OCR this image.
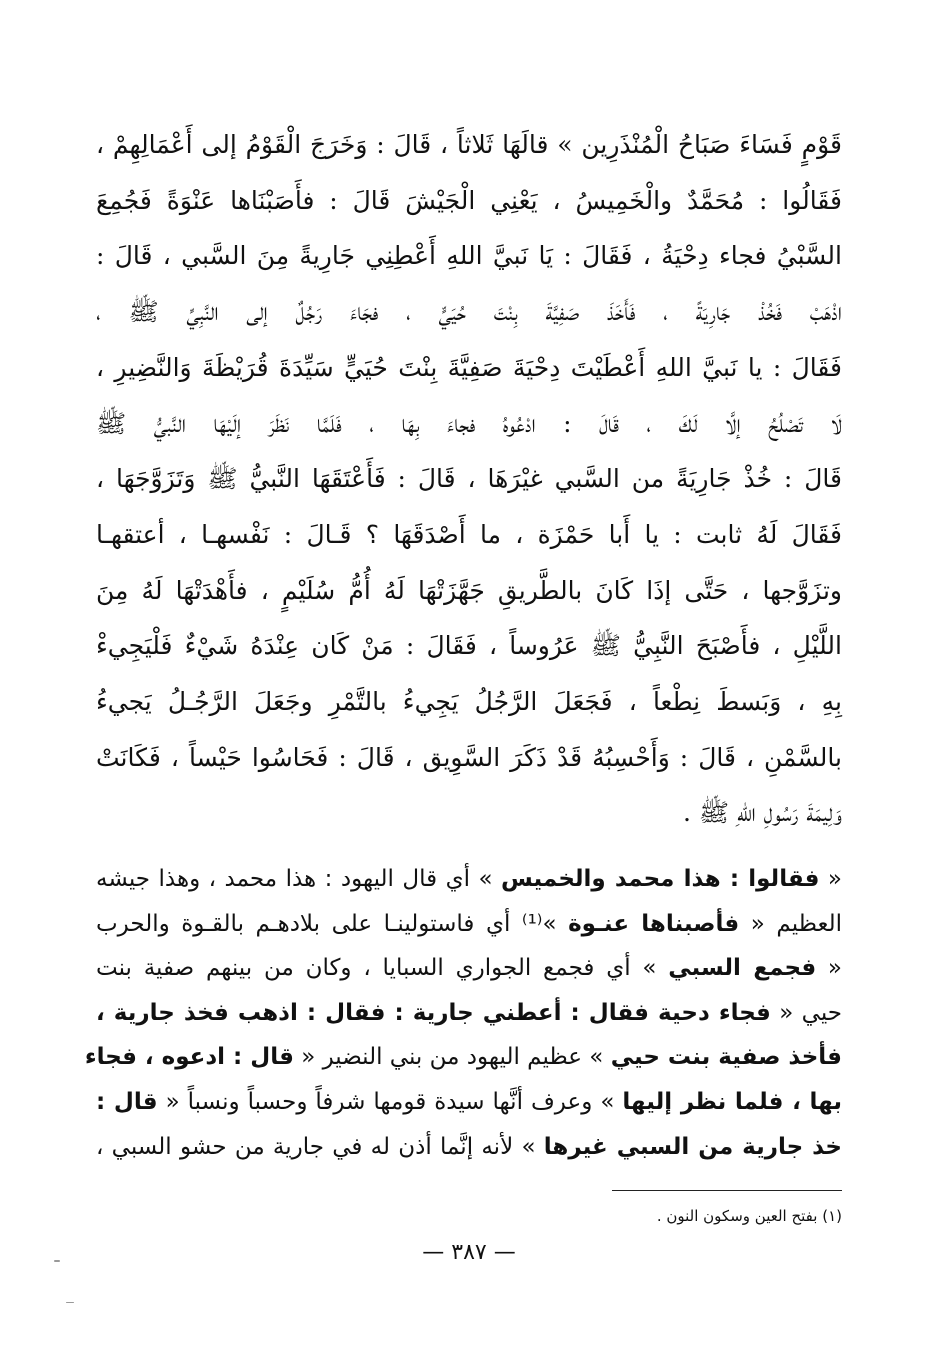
قَوْمٍ فَسَاءَ صَبَاحُ الْمُنْذَرِين » قالَهَا ثَلاثاً ، قَالَ : وَخَرَجَ الْقَوْمُ إلى أَعْمَالِهِمْ ،
فَقَالُوا : مُحَمَّدٌ والْخَمِيسُ ، يَعْنِي الْجَيْشَ قَالَ : فأَصَبْنَاها عَنْوَةً فَجُمِعَ
السَّبْيُ فجاء دِحْيَةُ ، فَقَالَ : يَا نَبيَّ اللهِ أَعْطِنِي جَارِيةً مِنَ السَّبي ، قَالَ :
اذْهَبْ فَخُذْ جَارِيَةً ، فَأَخَذَ صَفِيَّةَ بِنْتَ حُيَيٍّ ، فجَاءَ رَجُلٌ إلى النَّبِيِّ ﷺ ،
فَقَالَ : يا نَبيَّ اللهِ أَعْطَيْتَ دِحْيَةَ صَفِيَّةَ بِنْتَ حُيَيٍّ سَيِّدَةَ قُرَيْظَةَ وَالنَّضِيرِ ،
لَا تَصْلُحُ إلَّا لَكَ ، قَالَ : ادْعُوهُ فجاءَ بِهَا ، فَلَمَّا نَظَرَ إلَيْهَا النَّبيُّ ﷺ
قَالَ : خُذْ جَارِيَةً من السَّبي غيْرَهَا ، قَالَ : فَأَعْتَقَهَا النَّبيُّ ﷺ وَتَزَوَّجَهَا ،
فَقَالَ لَهُ ثابت : يا أَبا حَمْزَة ، ما أَصْدَقَهَا ؟ قَـالَ : نَفْسهـا ، أعتقهـا
وتزَوَّجها ، حَتَّى إذَا كَانَ بالطَّريقِ جَهَّزَتْهَا لَهُ أُمُّ سُلَيْمٍ ، فأَهْدَتْهَا لَهُ مِنَ
اللَّيْلِ ، فأَصْبَحَ النَّبِيُّ ﷺ عَرُوساً ، فَقَالَ : مَنْ كَان عِنْدَهُ شَيْءٌ فَلْيَجِيءْ
بِهِ ، وَبَسطَ نِطْعاً ، فَجَعَلَ الرَّجُلُ يَجِيءُ بالتَّمْرِ وجَعَلَ الرَّجُـلُ يَجيءُ
بالسَّمْنِ ، قَالَ : وَأَحْسِبُهُ قَدْ ذَكَرَ السَّوِيق ، قَالَ : فَحَاسُوا حَيْساً ، فَكَانَتْ
وَلِيمَةَ رَسُولِ اللهِ ﷺ .
« فقالوا : هذا محمد والخميس » أي قال اليهود : هذا محمد ، وهذا جيشه
العظيم « فأصبناها عنـوة »⁽¹⁾ أي فاستولينـا على بلادهـم بالقـوة والحرب
« فجمع السبي » أي فجمع الجواري السبايا ، وكان من بينهم صفية بنت
حيي « فجاء دحية فقال : أعطني جارية : فقال : اذهب فخذ جارية ،
فأخذ صفية بنت حيي » عظيم اليهود من بني النضير « قال : ادعوه ، فجاء
بها ، فلما نظر إليها » وعرف أنَّها سيدة قومها شرفاً وحسباً ونسباً « قال :
خذ جارية من السبي غيرها » لأنه إنَّما أذن له في جارية من حشو السبي ،
(١) بفتح العين وسكون النون .
— ٣٨٧ —
